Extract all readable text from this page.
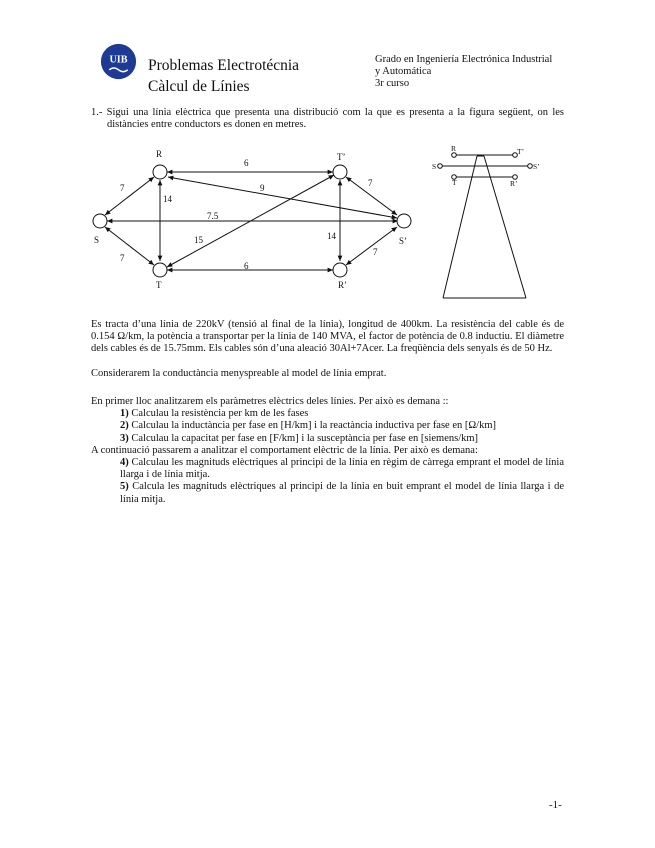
UIB Problemas Electrotécnia
Càlcul de Línies
Grado en Ingeniería Electrónica Industrial
y Automática
3r curso
1.- Sigui una línia elèctrica que presenta una distribució com la que es presenta a la figura següent, on les distàncies entre conductors es donen en metres.
R
S
T
T’
S’
R’
6
7	9
14
7.5
15
7
7
14
7
6
R	T’
S	S’
T	R’
Es tracta d’una línia de 220kV (tensió al final de la línia), longitud de 400km. La resistència del cable és de 0.154 Ω/km, la potència a transportar per la línia de 140 MVA, el factor de potència de 0.8 inductiu. El diàmetre dels cables és de 15.75mm. Els cables són d’una aleació 30Al+7Acer. La freqüència dels senyals és de 50 Hz.
Considerarem la conductància menyspreable al model de línia emprat.
En primer lloc analitzarem els paràmetres elèctrics deles línies. Per això es demana ::
1) Calculau la resistència per km de les fases
2) Calculau la inductància per fase en [H/km] i la reactància inductiva per fase en [Ω/km]
3) Calculau la capacitat per fase en [F/km] i la susceptància per fase en [siemens/km]
A continuació passarem a analitzar el comportament elèctric de la línia. Per això es demana:
4) Calculau les magnituds elèctriques al principi de la línia en règim de càrrega emprant el model de línia llarga i de línia mitja.
5) Calcula les magnituds elèctriques al principi de la línia en buit emprant el model de línia llarga i de línia mitja.
-1-
